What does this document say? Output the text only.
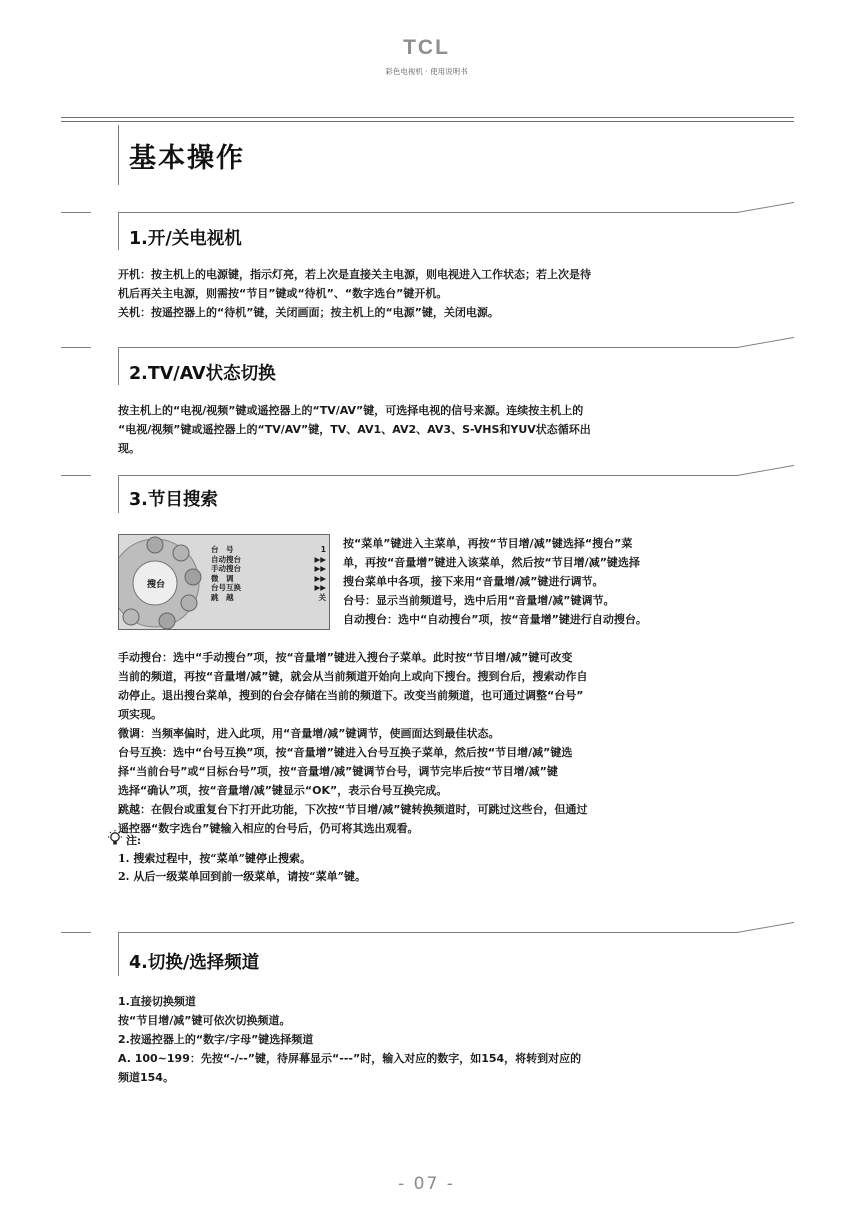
TCL
彩色电视机 · 使用说明书
基本操作
1.开/关电视机

开机：按主机上的电源键，指示灯亮，若上次是直接关主电源，则电视进入工作状态；若上次是待

机后再关主电源，则需按“节目”键或“待机”、“数字选台”键开机。

关机：按遥控器上的“待机”键，关闭画面；按主机上的“电源”键，关闭电源。

2.TV/AV状态切换

按主机上的“电视/视频”键或遥控器上的“TV/AV”键，可选择电视的信号来源。连续按主机上的

“电视/视频”键或遥控器上的“TV/AV”键，TV、AV1、AV2、AV3、S-VHS和YUV状态循环出

现。

3.节目搜索
搜台
台　号	1
自动搜台	▶▶
手动搜台	▶▶
微　调	▶▶
台号互换	▶▶
跳　越	关

按“菜单”键进入主菜单，再按“节目增/减”键选择“搜台”菜

单，再按“音量增”键进入该菜单，然后按“节目增/减”键选择

搜台菜单中各项，接下来用“音量增/减”键进行调节。

台号：显示当前频道号，选中后用“音量增/减”键调节。

自动搜台：选中“自动搜台”项，按“音量增”键进行自动搜台。

手动搜台：选中“手动搜台”项，按“音量增”键进入搜台子菜单。此时按“节目增/减”键可改变

当前的频道，再按“音量增/减”键，就会从当前频道开始向上或向下搜台。搜到台后，搜索动作自

动停止。退出搜台菜单，搜到的台会存储在当前的频道下。改变当前频道，也可通过调整“台号”

项实现。

微调：当频率偏时，进入此项，用“音量增/减”键调节，使画面达到最佳状态。

台号互换：选中“台号互换”项，按“音量增”键进入台号互换子菜单，然后按“节目增/减”键选

择“当前台号”或“目标台号”项，按“音量增/减”键调节台号，调节完毕后按“节目增/减”键

选择“确认”项，按“音量增/减”键显示“OK”，表示台号互换完成。

跳越：在假台或重复台下打开此功能，下次按“节目增/减”键转换频道时，可跳过这些台，但通过

遥控器“数字选台”键输入相应的台号后，仍可将其选出观看。

注:
1. 搜索过程中，按“菜单”键停止搜索。
2. 从后一级菜单回到前一级菜单，请按“菜单”键。
4.切换/选择频道

1.直接切换频道

按“节目增/减”键可依次切换频道。

2.按遥控器上的“数字/字母”键选择频道

A. 100~199：先按“-/--”键，待屏幕显示“---”时，输入对应的数字，如154，将转到对应的

频道154。

- 07 -
